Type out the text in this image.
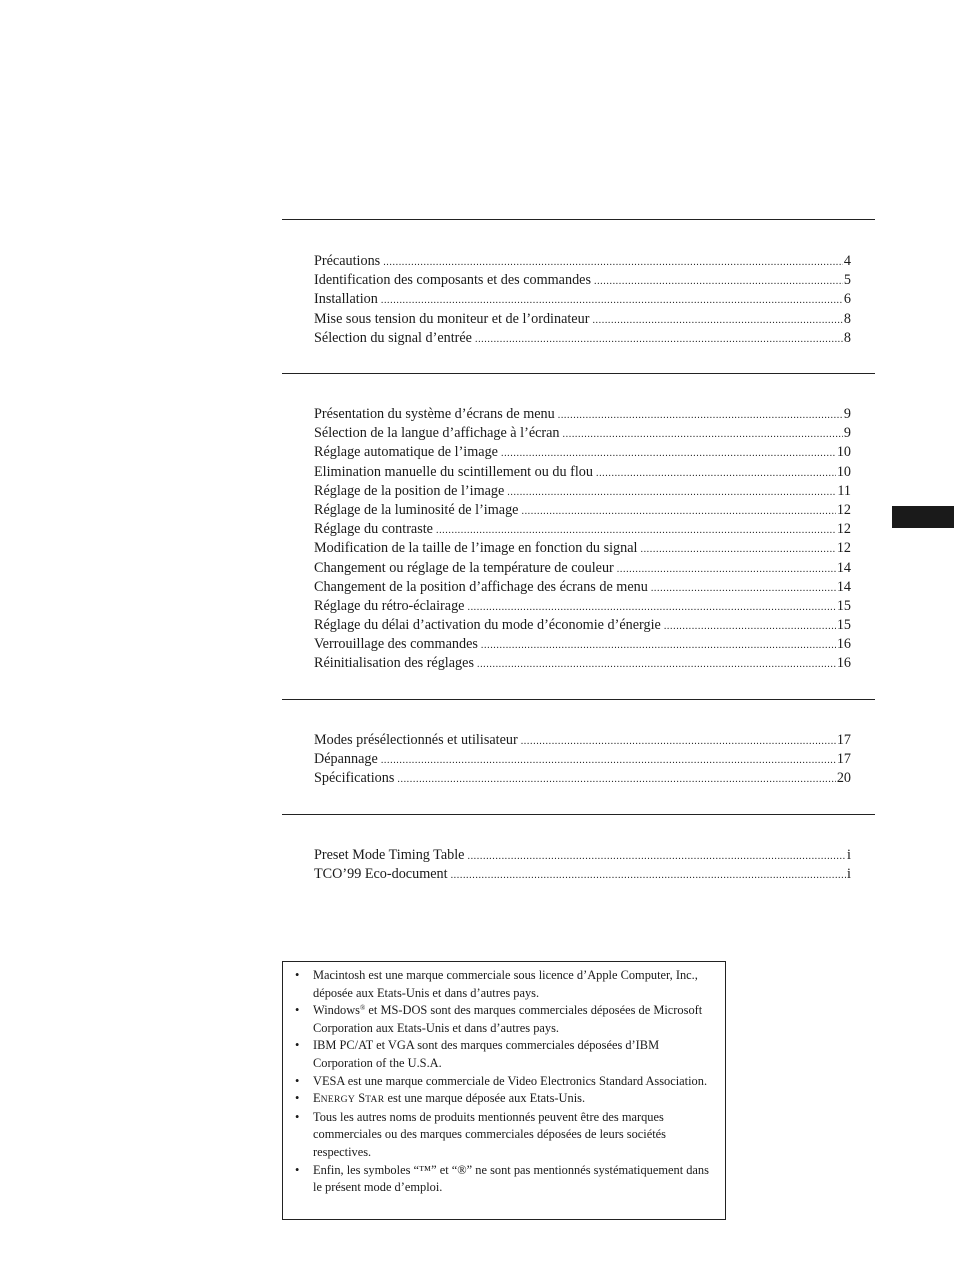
Précautions .....	4
Identification des composants et des commandes .....	5
Installation .....	6
Mise sous tension du moniteur et de l’ordinateur .....	8
Sélection du signal d’entrée .....	8
Présentation du système d’écrans de menu .....	9
Sélection de la langue d’affichage à l’écran .....	9
Réglage automatique de l’image .....	10
Elimination manuelle du scintillement ou du flou .....	10
Réglage de la position de l’image .....	11
Réglage de la luminosité de l’image .....	12
Réglage du contraste .....	12
Modification de la taille de l’image en fonction du signal .....	12
Changement ou réglage de la température de couleur .....	14
Changement de la position d’affichage des écrans de menu .....	14
Réglage du rétro-éclairage .....	15
Réglage du délai d’activation du mode d’économie d’énergie .....	15
Verrouillage des commandes .....	16
Réinitialisation des réglages .....	16
Modes présélectionnés et utilisateur .....	17
Dépannage .....	17
Spécifications .....	20
Preset Mode Timing Table .....	i
TCO’99 Eco-document .....	i
• Macintosh est une marque commerciale sous licence d’Apple Computer, Inc., déposée aux Etats-Unis et dans d’autres pays.
• Windows® et MS-DOS sont des marques commerciales déposées de Microsoft Corporation aux Etats-Unis et dans d’autres pays.
• IBM PC/AT et VGA sont des marques commerciales déposées d’IBM Corporation of the U.S.A.
• VESA est une marque commerciale de Video Electronics Standard Association.
• ENERGY STAR est une marque déposée aux Etats-Unis.
• Tous les autres noms de produits mentionnés peuvent être des marques commerciales ou des marques commerciales déposées de leurs sociétés respectives.
• Enfin, les symboles “™” et “®” ne sont pas mentionnés systématiquement dans le présent mode d’emploi.
